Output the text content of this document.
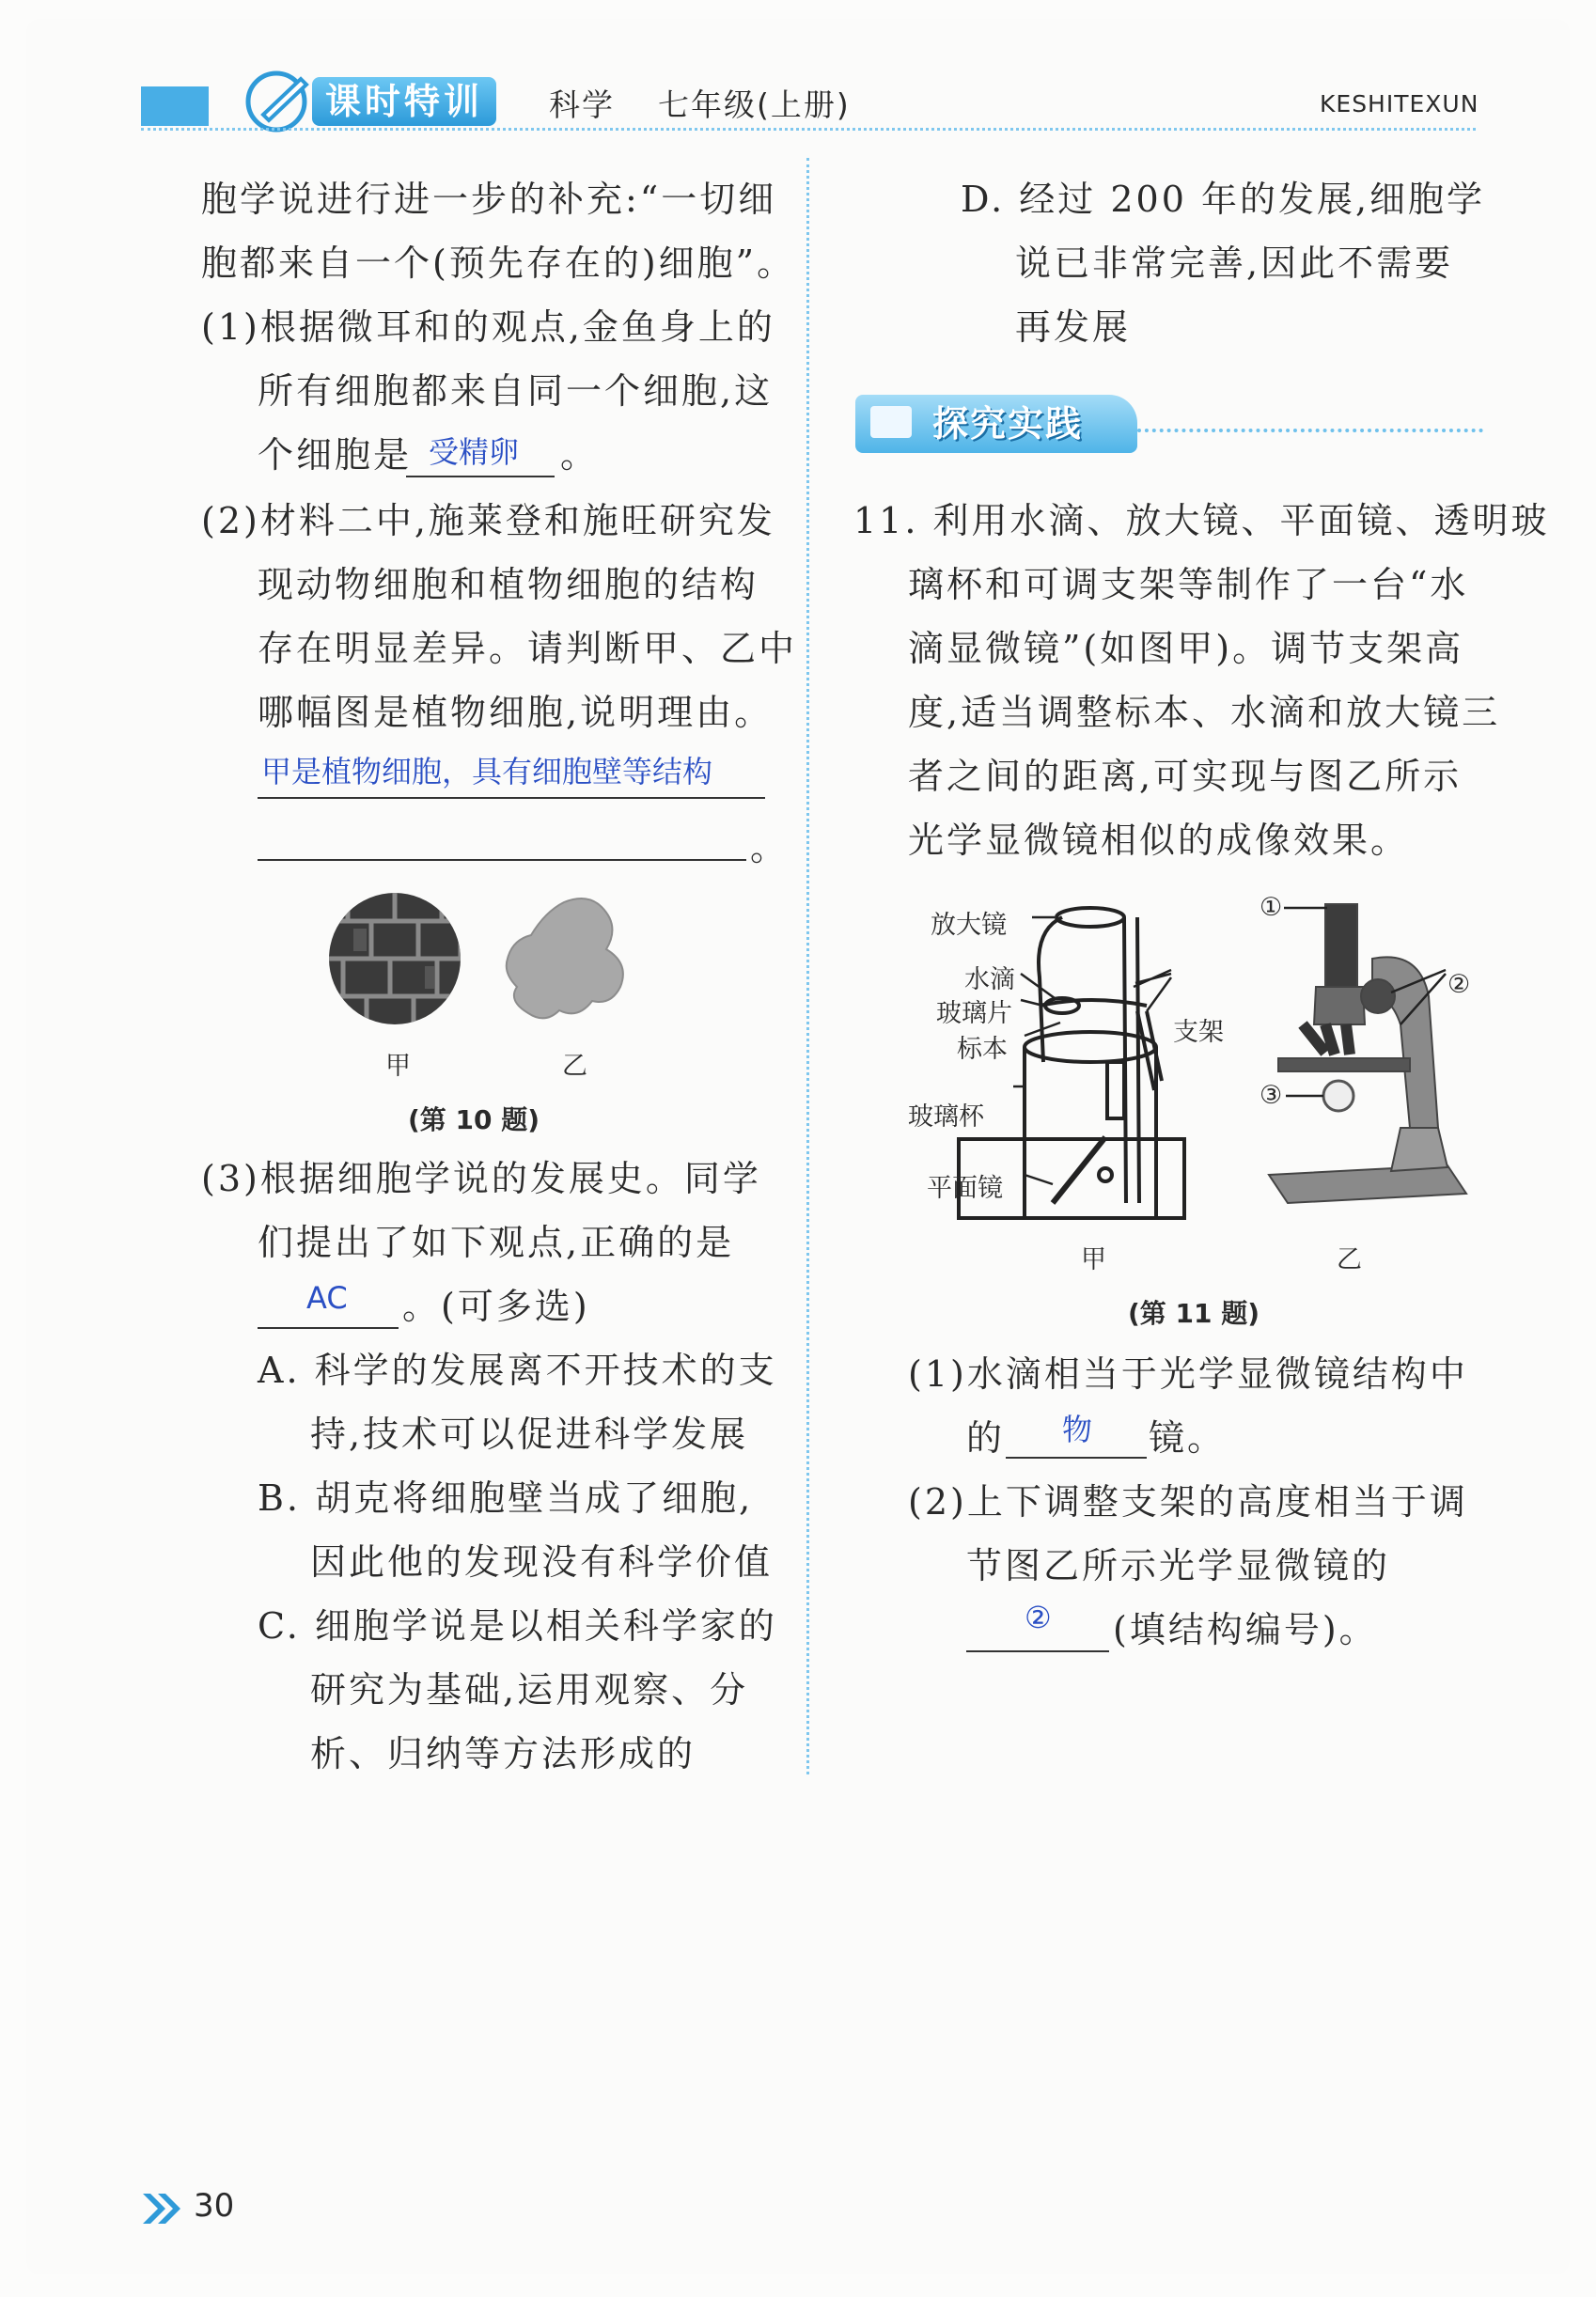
课时特训	科学 七年级(上册)	KESHITEXUN
胞学说进行进一步的补充:“一切细
胞都来自一个(预先存在的)细胞”。
(1)根据微耳和的观点,金鱼身上的
所有细胞都来自同一个细胞,这
个细胞是 受精卵 。
(2)材料二中,施莱登和施旺研究发
现动物细胞和植物细胞的结构
存在明显差异。请判断甲、乙中
哪幅图是植物细胞,说明理由。
甲是植物细胞，具有细胞壁等结构
。
甲	乙
(第 10 题)
(3)根据细胞学说的发展史。同学
们提出了如下观点,正确的是
AC 。(可多选)
A. 科学的发展离不开技术的支
持,技术可以促进科学发展
B. 胡克将细胞壁当成了细胞,
因此他的发现没有科学价值
C. 细胞学说是以相关科学家的
研究为基础,运用观察、分
析、归纳等方法形成的
D. 经过 200 年的发展,细胞学
说已非常完善,因此不需要
再发展
探究实践
11. 利用水滴、放大镜、平面镜、透明玻
璃杯和可调支架等制作了一台“水
滴显微镜”(如图甲)。调节支架高
度,适当调整标本、水滴和放大镜三
者之间的距离,可实现与图乙所示
光学显微镜相似的成像效果。
放大镜
水滴
玻璃片
标本
支架
玻璃杯
平面镜
甲
①
②
③
乙
(第 11 题)
(1)水滴相当于光学显微镜结构中
的 物 镜。
(2)上下调整支架的高度相当于调
节图乙所示光学显微镜的
② (填结构编号)。
30
